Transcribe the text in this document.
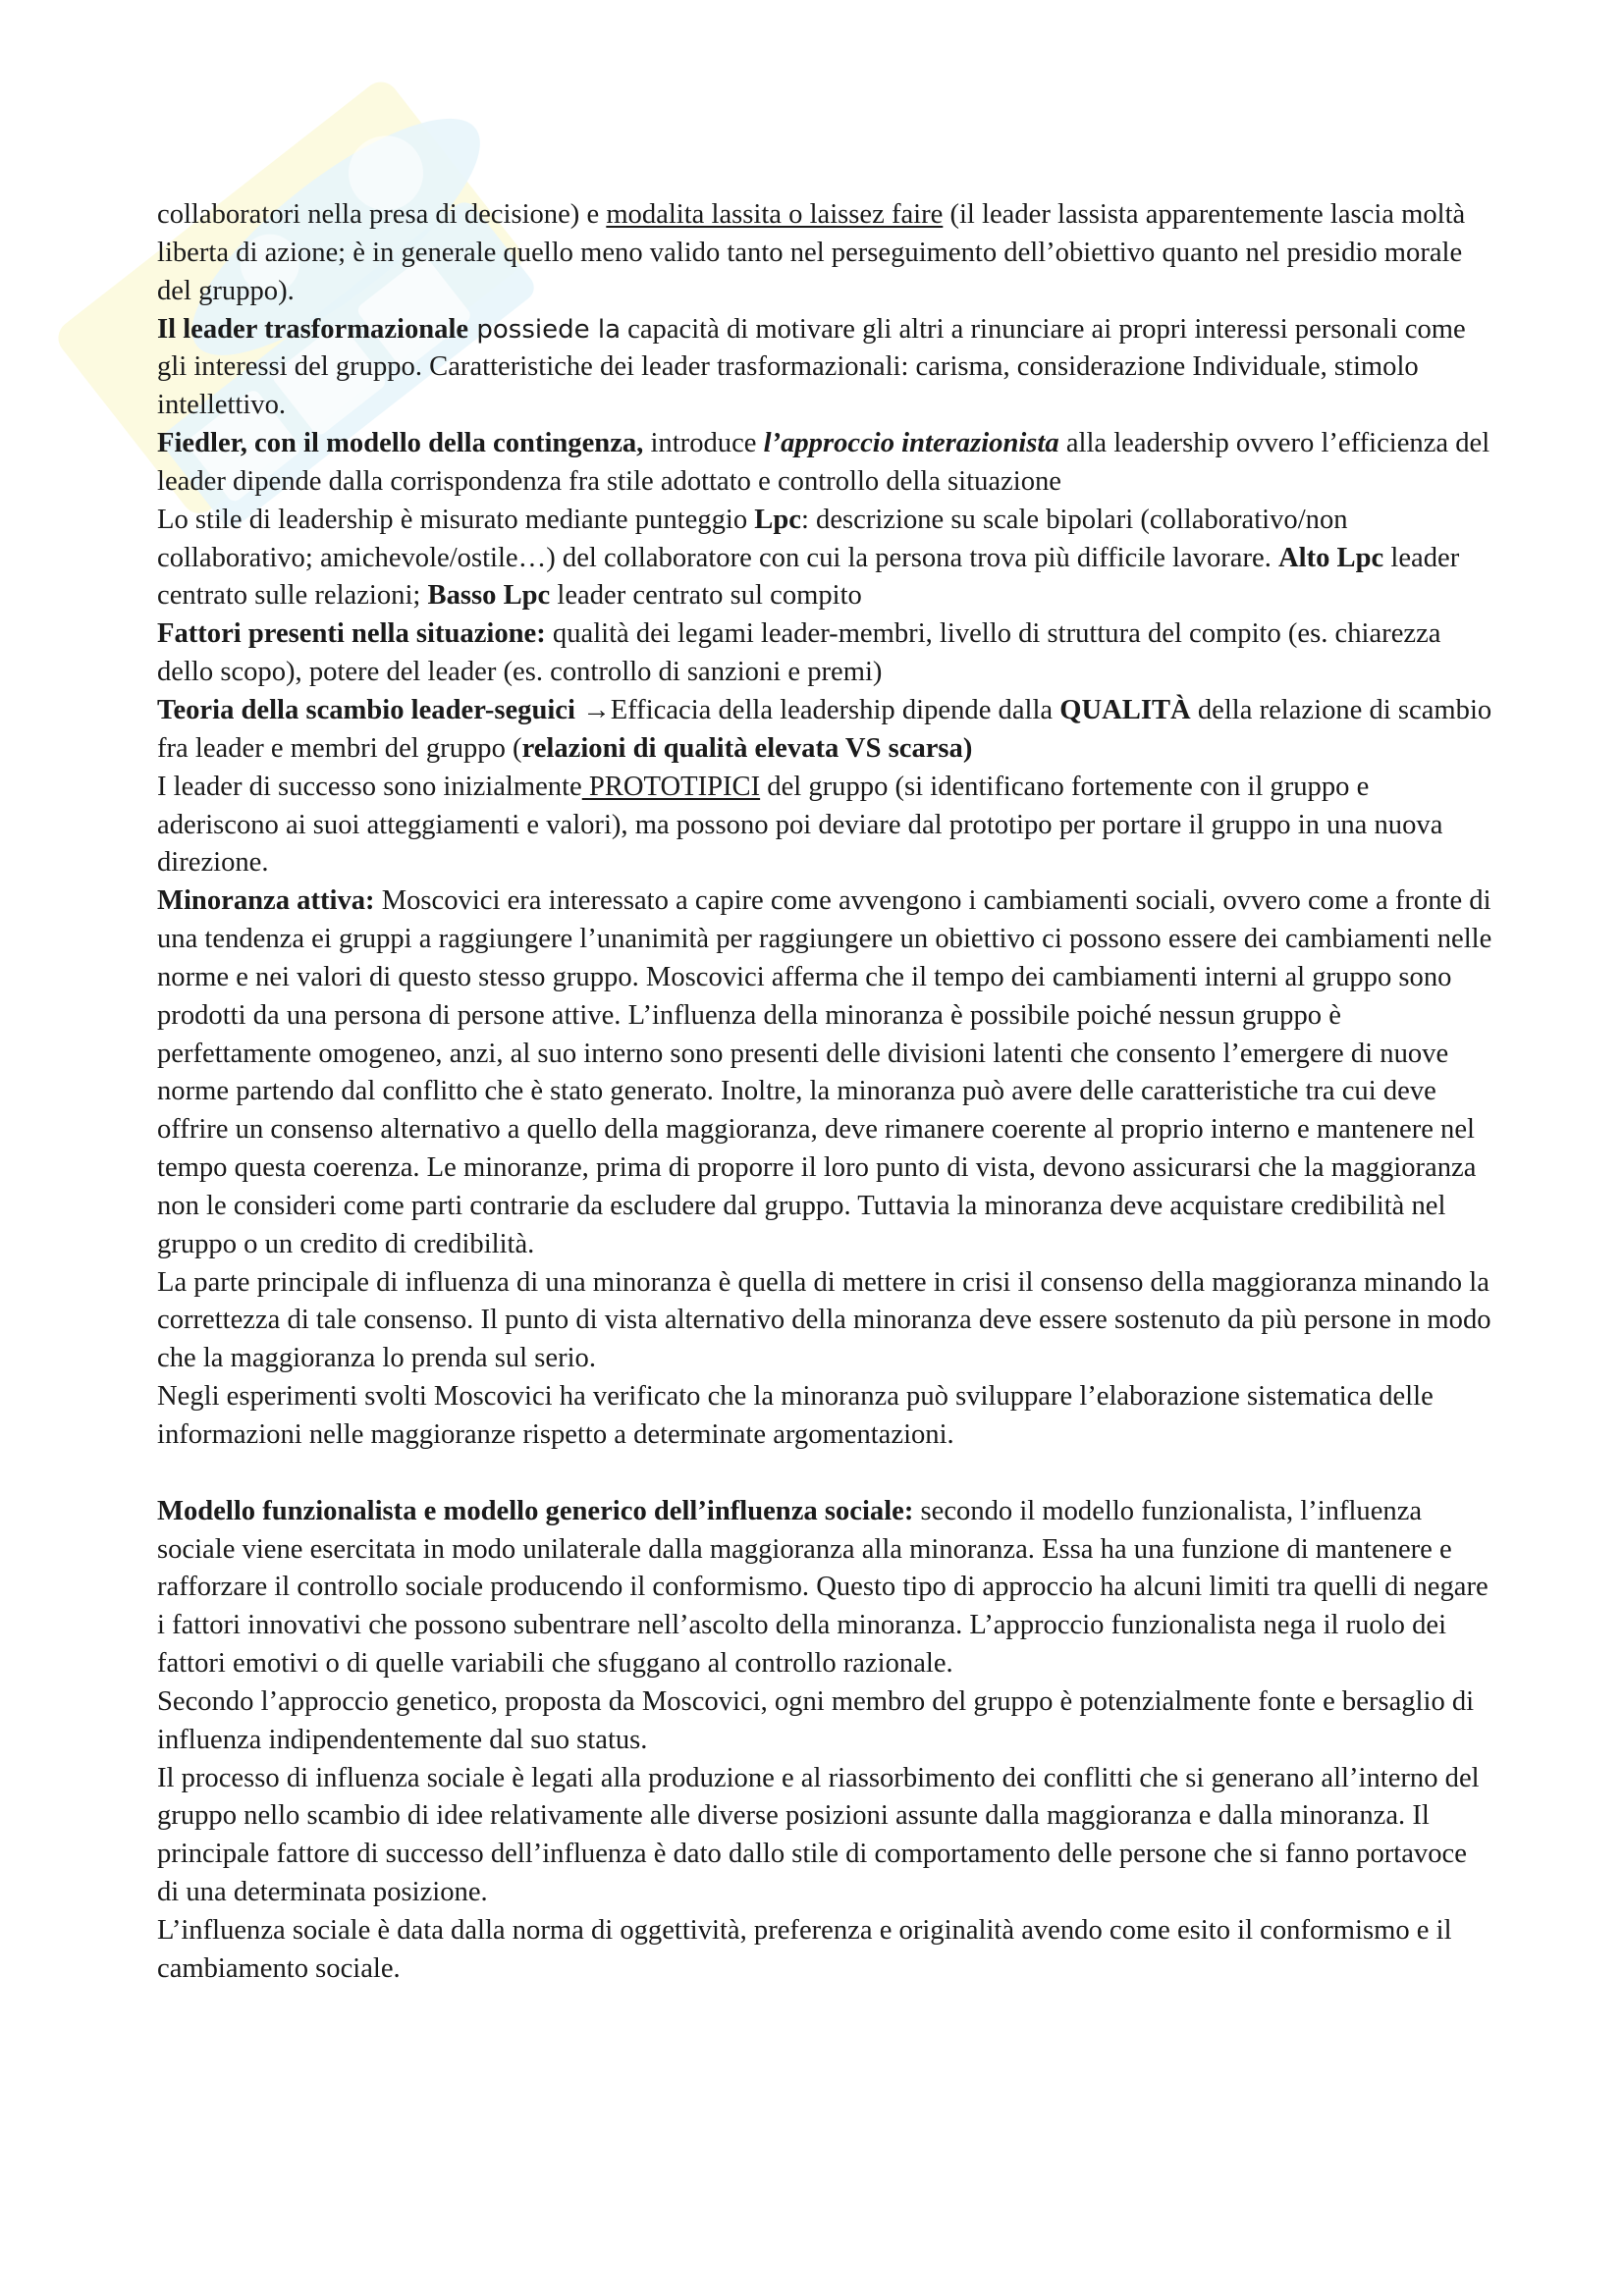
collaboratori nella presa di decisione) e modalita lassita o laissez faire (il leader lassista apparentemente lascia moltà liberta di azione; è in generale quello meno valido tanto nel perseguimento dell’obiettivo quanto nel presidio morale del gruppo).

Il leader trasformazionale possiede la capacità di motivare gli altri a rinunciare ai propri interessi personali come gli interessi del gruppo. Caratteristiche dei leader trasformazionali: carisma, considerazione Individuale, stimolo intellettivo.

Fiedler, con il modello della contingenza, introduce l’approccio interazionista alla leadership ovvero l’efficienza del leader dipende dalla corrispondenza fra stile adottato e controllo della situazione

Lo stile di leadership è misurato mediante punteggio Lpc: descrizione su scale bipolari (collaborativo/non collaborativo; amichevole/ostile…) del collaboratore con cui la persona trova più difficile lavorare. Alto Lpc leader centrato sulle relazioni; Basso Lpc leader centrato sul compito

Fattori presenti nella situazione: qualità dei legami leader-membri, livello di struttura del compito (es. chiarezza dello scopo), potere del leader (es. controllo di sanzioni e premi)

Teoria della scambio leader-seguici →Efficacia della leadership dipende dalla QUALITÀ della relazione di scambio fra leader e membri del gruppo (relazioni di qualità elevata VS scarsa)

I leader di successo sono inizialmente PROTOTIPICI del gruppo (si identificano fortemente con il gruppo e aderiscono ai suoi atteggiamenti e valori), ma possono poi deviare dal prototipo per portare il gruppo in una nuova direzione.

Minoranza attiva: Moscovici era interessato a capire come avvengono i cambiamenti sociali, ovvero come a fronte di una tendenza ei gruppi a raggiungere l’unanimità per raggiungere un obiettivo ci possono essere dei cambiamenti nelle norme e nei valori di questo stesso gruppo. Moscovici afferma che il tempo dei cambiamenti interni al gruppo sono prodotti da una persona di persone attive. L’influenza della minoranza è possibile poiché nessun gruppo è perfettamente omogeneo, anzi, al suo interno sono presenti delle divisioni latenti che consento l’emergere di nuove norme partendo dal conflitto che è stato generato. Inoltre, la minoranza può avere delle caratteristiche tra cui deve offrire un consenso alternativo a quello della maggioranza, deve rimanere coerente al proprio interno e mantenere nel tempo questa coerenza. Le minoranze, prima di proporre il loro punto di vista, devono assicurarsi che la maggioranza non le consideri come parti contrarie da escludere dal gruppo. Tuttavia la minoranza deve acquistare credibilità nel gruppo o un credito di credibilità.

La parte principale di influenza di una minoranza è quella di mettere in crisi il consenso della maggioranza minando la correttezza di tale consenso. Il punto di vista alternativo della minoranza deve essere sostenuto da più persone in modo che la maggioranza lo prenda sul serio.

Negli esperimenti svolti Moscovici ha verificato che la minoranza può sviluppare l’elaborazione sistematica delle informazioni nelle maggioranze rispetto a determinate argomentazioni.

Modello funzionalista e modello generico dell’influenza sociale: secondo il modello funzionalista, l’influenza sociale viene esercitata in modo unilaterale dalla maggioranza alla minoranza. Essa ha una funzione di mantenere e rafforzare il controllo sociale producendo il conformismo. Questo tipo di approccio ha alcuni limiti tra quelli di negare i fattori innovativi che possono subentrare nell’ascolto della minoranza. L’approccio funzionalista nega il ruolo dei fattori emotivi o di quelle variabili che sfuggano al controllo razionale.

Secondo l’approccio genetico, proposta da Moscovici, ogni membro del gruppo è potenzialmente fonte e bersaglio di influenza indipendentemente dal suo status.

Il processo di influenza sociale è legati alla produzione e al riassorbimento dei conflitti che si generano all’interno del gruppo nello scambio di idee relativamente alle diverse posizioni assunte dalla maggioranza e dalla minoranza. Il principale fattore di successo dell’influenza è dato dallo stile di comportamento delle persone che si fanno portavoce di una determinata posizione.

L’influenza sociale è data dalla norma di oggettività, preferenza e originalità avendo come esito il conformismo e il cambiamento sociale.
